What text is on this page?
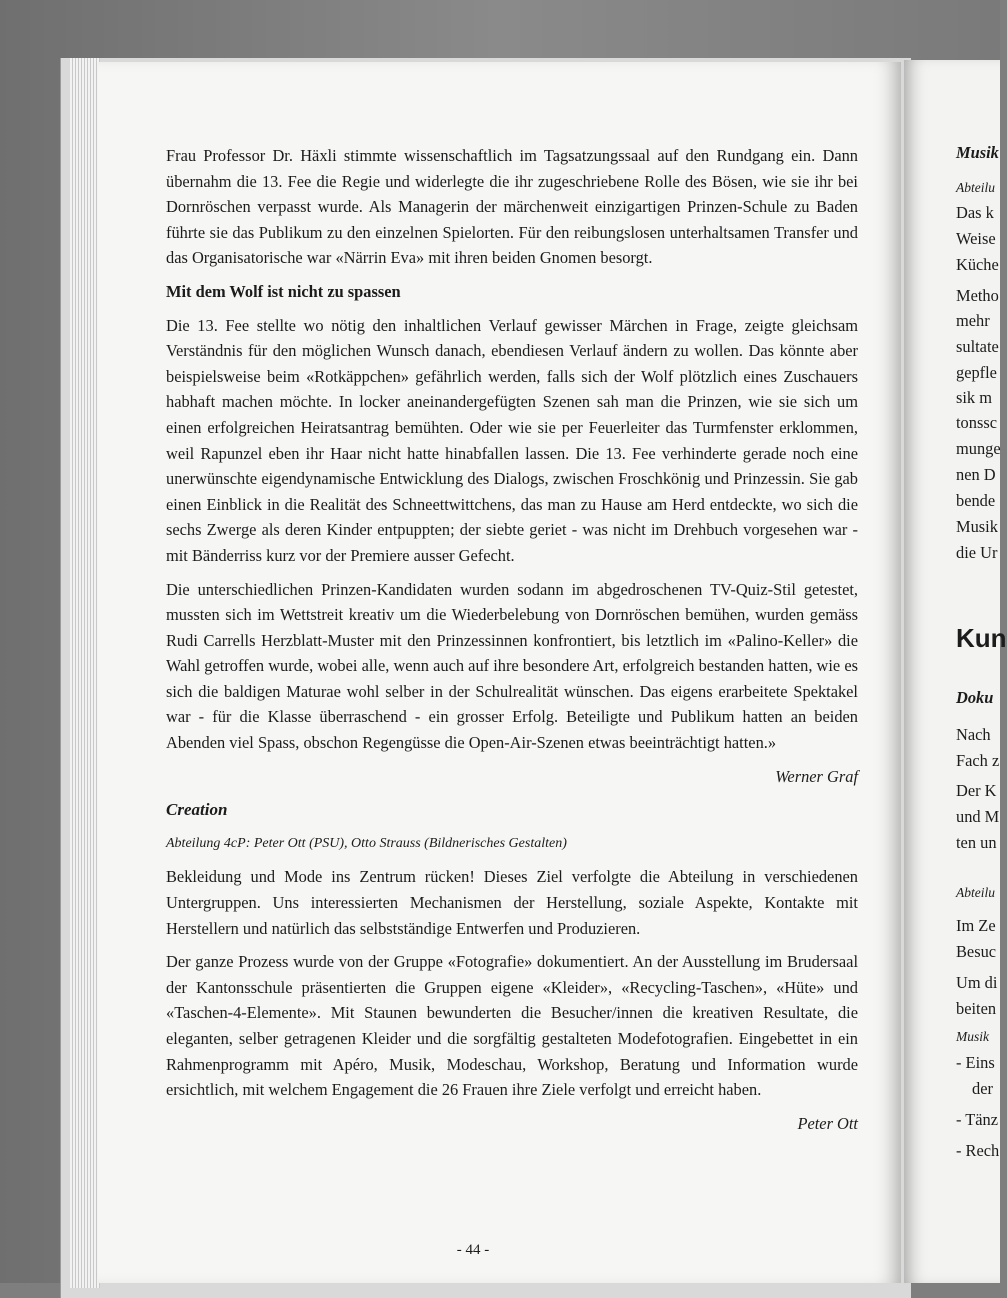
Frau Professor Dr. Häxli stimmte wissenschaftlich im Tagsatzungssaal auf den Rundgang ein. Dann übernahm die 13. Fee die Regie und widerlegte die ihr zugeschriebene Rolle des Bösen, wie sie ihr bei Dornröschen verpasst wurde. Als Managerin der märchenweit einzigartigen Prinzen-Schule zu Baden führte sie das Publikum zu den einzelnen Spielorten. Für den reibungslosen unterhaltsamen Transfer und das Organisatorische war «Närrin Eva» mit ihren beiden Gnomen besorgt.

Mit dem Wolf ist nicht zu spassen

Die 13. Fee stellte wo nötig den inhaltlichen Verlauf gewisser Märchen in Frage, zeigte gleichsam Verständnis für den möglichen Wunsch danach, ebendiesen Verlauf ändern zu wollen. Das könnte aber beispielsweise beim «Rotkäppchen» gefährlich werden, falls sich der Wolf plötzlich eines Zuschauers habhaft machen möchte. In locker aneinandergefügten Szenen sah man die Prinzen, wie sie sich um einen erfolgreichen Heiratsantrag bemühten. Oder wie sie per Feuerleiter das Turmfenster erklommen, weil Rapunzel eben ihr Haar nicht hatte hinabfallen lassen. Die 13. Fee verhinderte gerade noch eine unerwünschte eigendynamische Entwicklung des Dialogs, zwischen Froschkönig und Prinzessin. Sie gab einen Einblick in die Realität des Schneettwittchens, das man zu Hause am Herd entdeckte, wo sich die sechs Zwerge als deren Kinder entpuppten; der siebte geriet - was nicht im Drehbuch vorgesehen war - mit Bänderriss kurz vor der Premiere ausser Gefecht.

Die unterschiedlichen Prinzen-Kandidaten wurden sodann im abgedroschenen TV-Quiz-Stil getestet, mussten sich im Wettstreit kreativ um die Wiederbelebung von Dornröschen bemühen, wurden gemäss Rudi Carrells Herzblatt-Muster mit den Prinzessinnen konfrontiert, bis letztlich im «Palino-Keller» die Wahl getroffen wurde, wobei alle, wenn auch auf ihre besondere Art, erfolgreich bestanden hatten, wie es sich die baldigen Maturae wohl selber in der Schulrealität wünschen. Das eigens erarbeitete Spektakel war - für die Klasse überraschend - ein grosser Erfolg. Beteiligte und Publikum hatten an beiden Abenden viel Spass, obschon Regengüsse die Open-Air-Szenen etwas beeinträchtigt hatten.»

Werner Graf

Creation

Abteilung 4cP: Peter Ott (PSU), Otto Strauss (Bildnerisches Gestalten)

Bekleidung und Mode ins Zentrum rücken! Dieses Ziel verfolgte die Abteilung in verschiedenen Untergruppen. Uns interessierten Mechanismen der Herstellung, soziale Aspekte, Kontakte mit Herstellern und natürlich das selbstständige Entwerfen und Produzieren.

Der ganze Prozess wurde von der Gruppe «Fotografie» dokumentiert. An der Ausstellung im Brudersaal der Kantonsschule präsentierten die Gruppen eigene «Kleider», «Recycling-Taschen», «Hüte» und «Taschen-4-Elemente». Mit Staunen bewunderten die Besucher/innen die kreativen Resultate, die eleganten, selber getragenen Kleider und die sorgfältig gestalteten Modefotografien. Eingebettet in ein Rahmenprogramm mit Apéro, Musik, Modeschau, Workshop, Beratung und Information wurde ersichtlich, mit welchem Engagement die 26 Frauen ihre Ziele verfolgt und erreicht haben.

Peter Ott

- 44 -
Musik
Abteilu
Das k
Weise
Küche
Metho
mehr
sultate
gepfle
sik m
tonssc
munge
nen D
bende
Musik
die Ur
Kun
Doku
Nach
Fach z
Der K
und M
ten un
Abteilu
Im Ze
Besuc
Um di
beiten
Musik
- Eins
der
- Tänz
- Rech
